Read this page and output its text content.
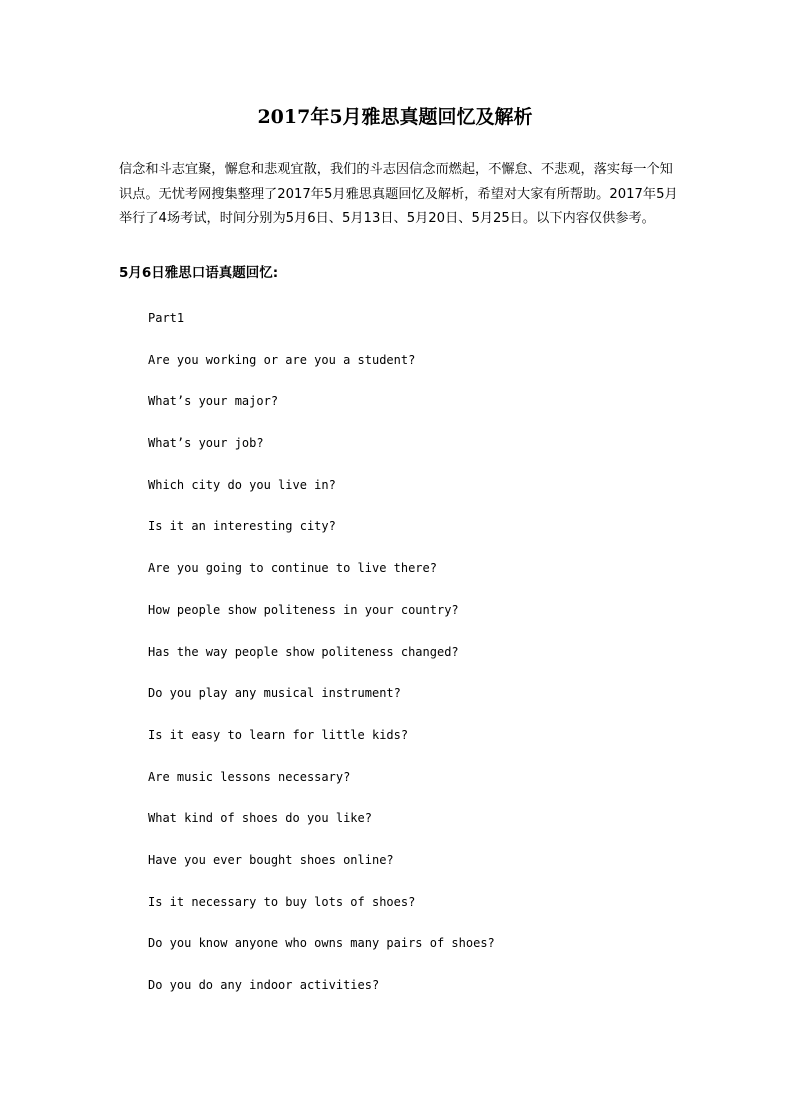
2017年5月雅思真题回忆及解析
信念和斗志宜聚，懈怠和悲观宜散，我们的斗志因信念而燃起，不懈怠、不悲观，落实每一个知识点。无忧考网搜集整理了2017年5月雅思真题回忆及解析，希望对大家有所帮助。2017年5月举行了4场考试，时间分别为5月6日、5月13日、5月20日、5月25日。以下内容仅供参考。
5月6日雅思口语真题回忆:
Part1
Are you working or are you a student?
What’s your major?
What’s your job?
Which city do you live in?
Is it an interesting city?
Are you going to continue to live there?
How people show politeness in your country?
Has the way people show politeness changed?
Do you play any musical instrument?
Is it easy to learn for little kids?
Are music lessons necessary?
What kind of shoes do you like?
Have you ever bought shoes online?
Is it necessary to buy lots of shoes?
Do you know anyone who owns many pairs of shoes?
Do you do any indoor activities?
